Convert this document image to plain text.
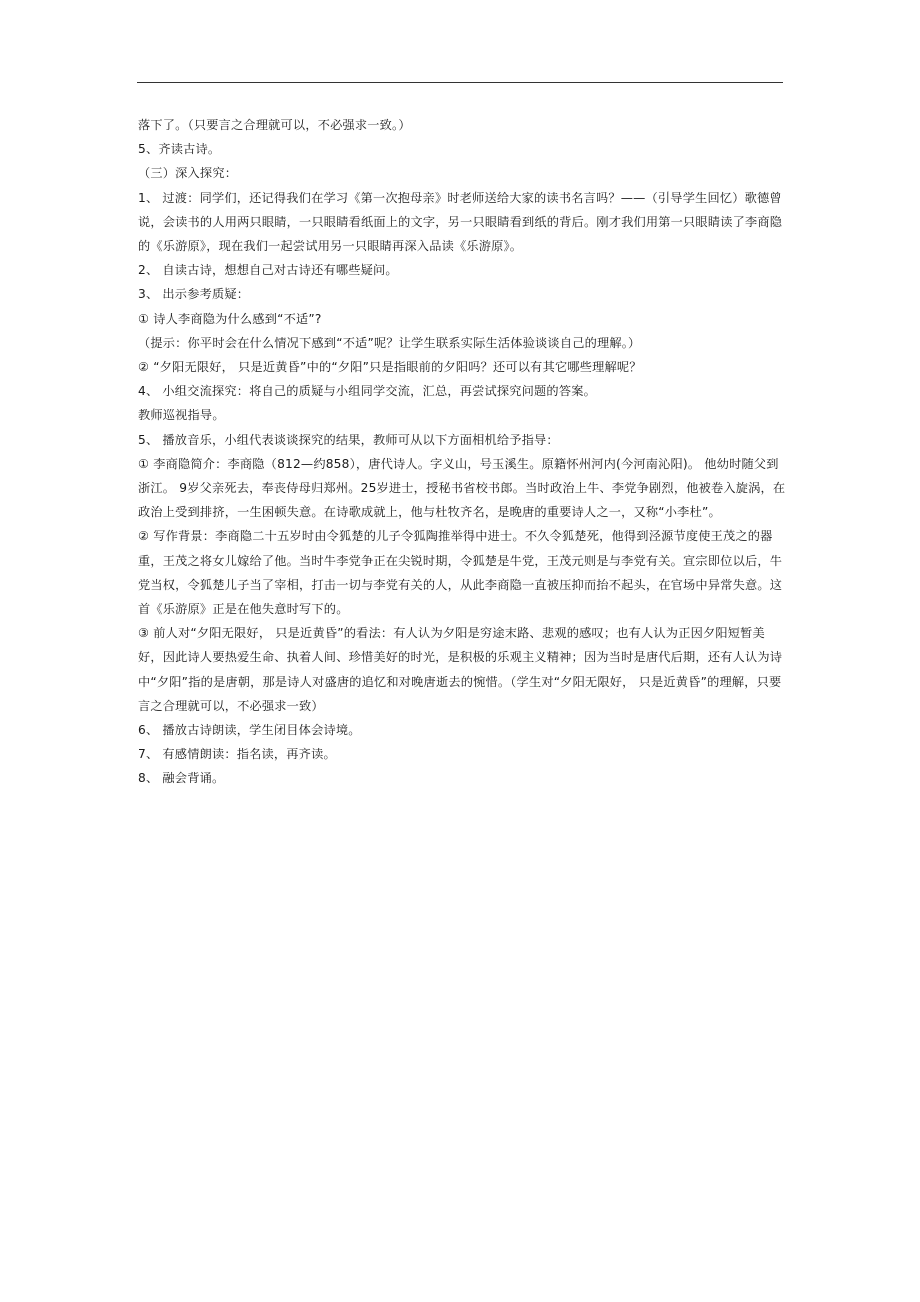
落下了。（只要言之合理就可以，不必强求一致。）

5、齐读古诗。

（三）深入探究：

1、 过渡：同学们，还记得我们在学习《第一次抱母亲》时老师送给大家的读书名言吗？——（引导学生回忆）歌德曾说，会读书的人用两只眼睛，一只眼睛看纸面上的文字，另一只眼睛看到纸的背后。刚才我们用第一只眼睛读了李商隐的《乐游原》，现在我们一起尝试用另一只眼睛再深入品读《乐游原》。

2、 自读古诗，想想自己对古诗还有哪些疑问。

3、 出示参考质疑：

① 诗人李商隐为什么感到“不适”?

（提示：你平时会在什么情况下感到“不适”呢？让学生联系实际生活体验谈谈自己的理解。）

② “夕阳无限好， 只是近黄昏”中的“夕阳”只是指眼前的夕阳吗？还可以有其它哪些理解呢？

4、 小组交流探究：将自己的质疑与小组同学交流，汇总，再尝试探究问题的答案。

教师巡视指导。

5、 播放音乐，小组代表谈谈探究的结果，教师可从以下方面相机给予指导：

① 李商隐简介：李商隐（812—约858），唐代诗人。字义山，号玉溪生。原籍怀州河内(今河南沁阳)。 他幼时随父到浙江。 9岁父亲死去，奉丧侍母归郑州。25岁进士，授秘书省校书郎。当时政治上牛、李党争剧烈，他被卷入旋涡，在政治上受到排挤，一生困顿失意。在诗歌成就上，他与杜牧齐名，是晚唐的重要诗人之一，又称“小李杜”。

② 写作背景：李商隐二十五岁时由令狐楚的儿子令狐陶推举得中进士。不久令狐楚死，他得到泾源节度使王茂之的器重，王茂之将女儿嫁给了他。当时牛李党争正在尖锐时期，令狐楚是牛党，王茂元则是与李党有关。宣宗即位以后，牛党当权，令狐楚儿子当了宰相，打击一切与李党有关的人，从此李商隐一直被压抑而抬不起头，在官场中异常失意。这首《乐游原》正是在他失意时写下的。

③ 前人对“夕阳无限好， 只是近黄昏”的看法：有人认为夕阳是穷途末路、悲观的感叹；也有人认为正因夕阳短暂美好，因此诗人要热爱生命、执着人间、珍惜美好的时光，是积极的乐观主义精神；因为当时是唐代后期，还有人认为诗中“夕阳”指的是唐朝，那是诗人对盛唐的追忆和对晚唐逝去的惋惜。（学生对“夕阳无限好， 只是近黄昏”的理解，只要言之合理就可以，不必强求一致）

6、 播放古诗朗读，学生闭目体会诗境。

7、 有感情朗读：指名读，再齐读。

8、 融会背诵。
